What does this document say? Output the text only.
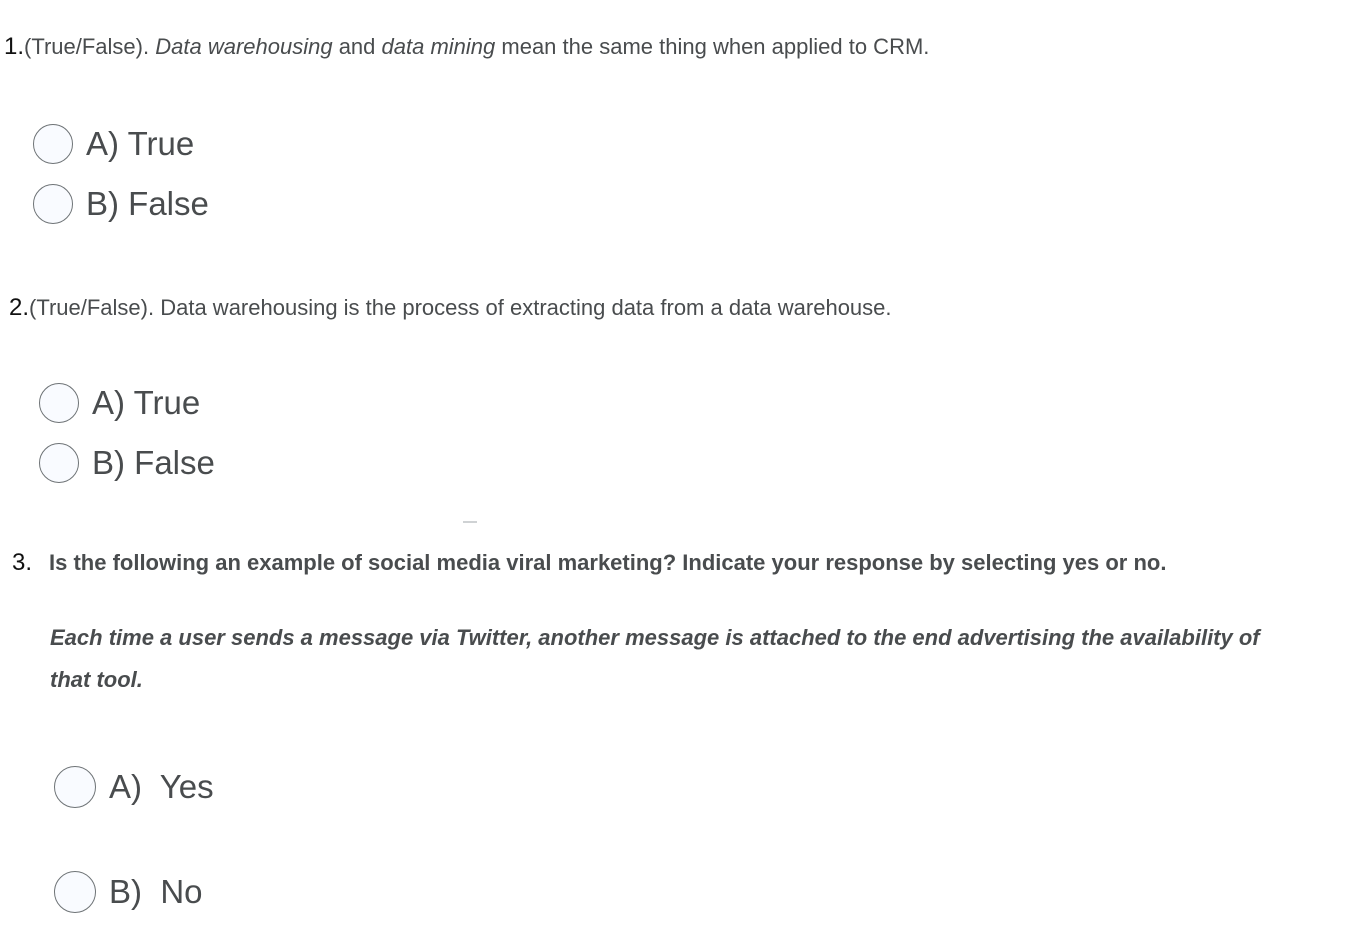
1.(True/False). Data warehousing and data mining mean the same thing when applied to CRM.
A) True
B) False
2.(True/False). Data warehousing is the process of extracting data from a data warehouse.
A) True
B) False
3. Is the following an example of social media viral marketing? Indicate your response by selecting yes or no.
Each time a user sends a message via Twitter, another message is attached to the end advertising the availability of that tool.
A)  Yes
B)  No
